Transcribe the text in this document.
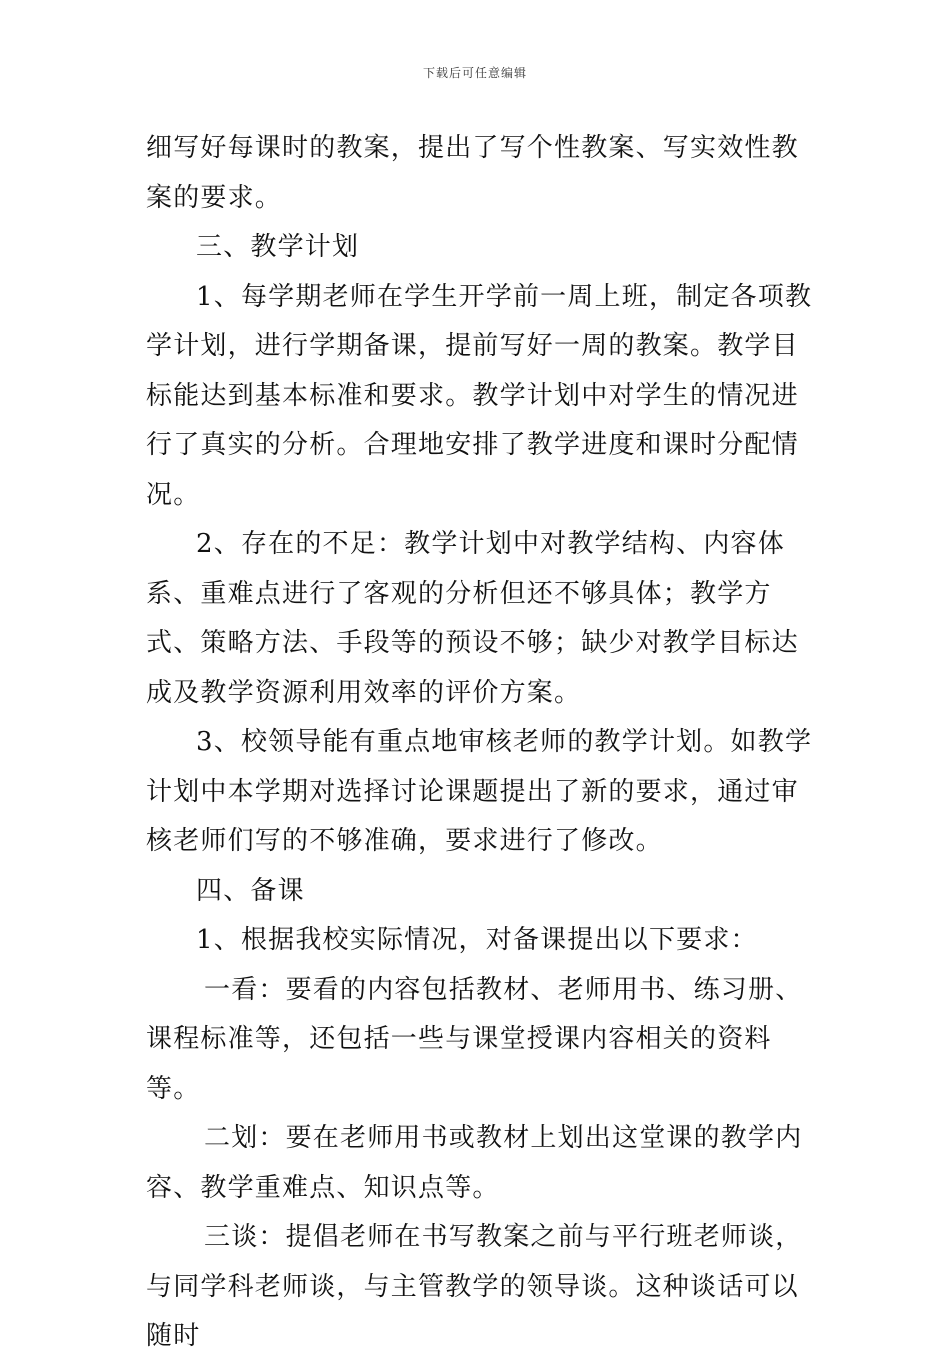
下载后可任意编辑

细写好每课时的教案，提出了写个性教案、写实效性教案的要求。

三、教学计划

1、每学期老师在学生开学前一周上班，制定各项教学计划，进行学期备课，提前写好一周的教案。教学目标能达到基本标准和要求。教学计划中对学生的情况进行了真实的分析。合理地安排了教学进度和课时分配情况。

2、存在的不足：教学计划中对教学结构、内容体系、重难点进行了客观的分析但还不够具体；教学方式、策略方法、手段等的预设不够；缺少对教学目标达成及教学资源利用效率的评价方案。

3、校领导能有重点地审核老师的教学计划。如教学计划中本学期对选择讨论课题提出了新的要求，通过审核老师们写的不够准确，要求进行了修改。

四、备课

1、根据我校实际情况，对备课提出以下要求：

一看：要看的内容包括教材、老师用书、练习册、课程标准等，还包括一些与课堂授课内容相关的资料等。

二划：要在老师用书或教材上划出这堂课的教学内容、教学重难点、知识点等。

三谈：提倡老师在书写教案之前与平行班老师谈，与同学科老师谈，与主管教学的领导谈。这种谈话可以随时
